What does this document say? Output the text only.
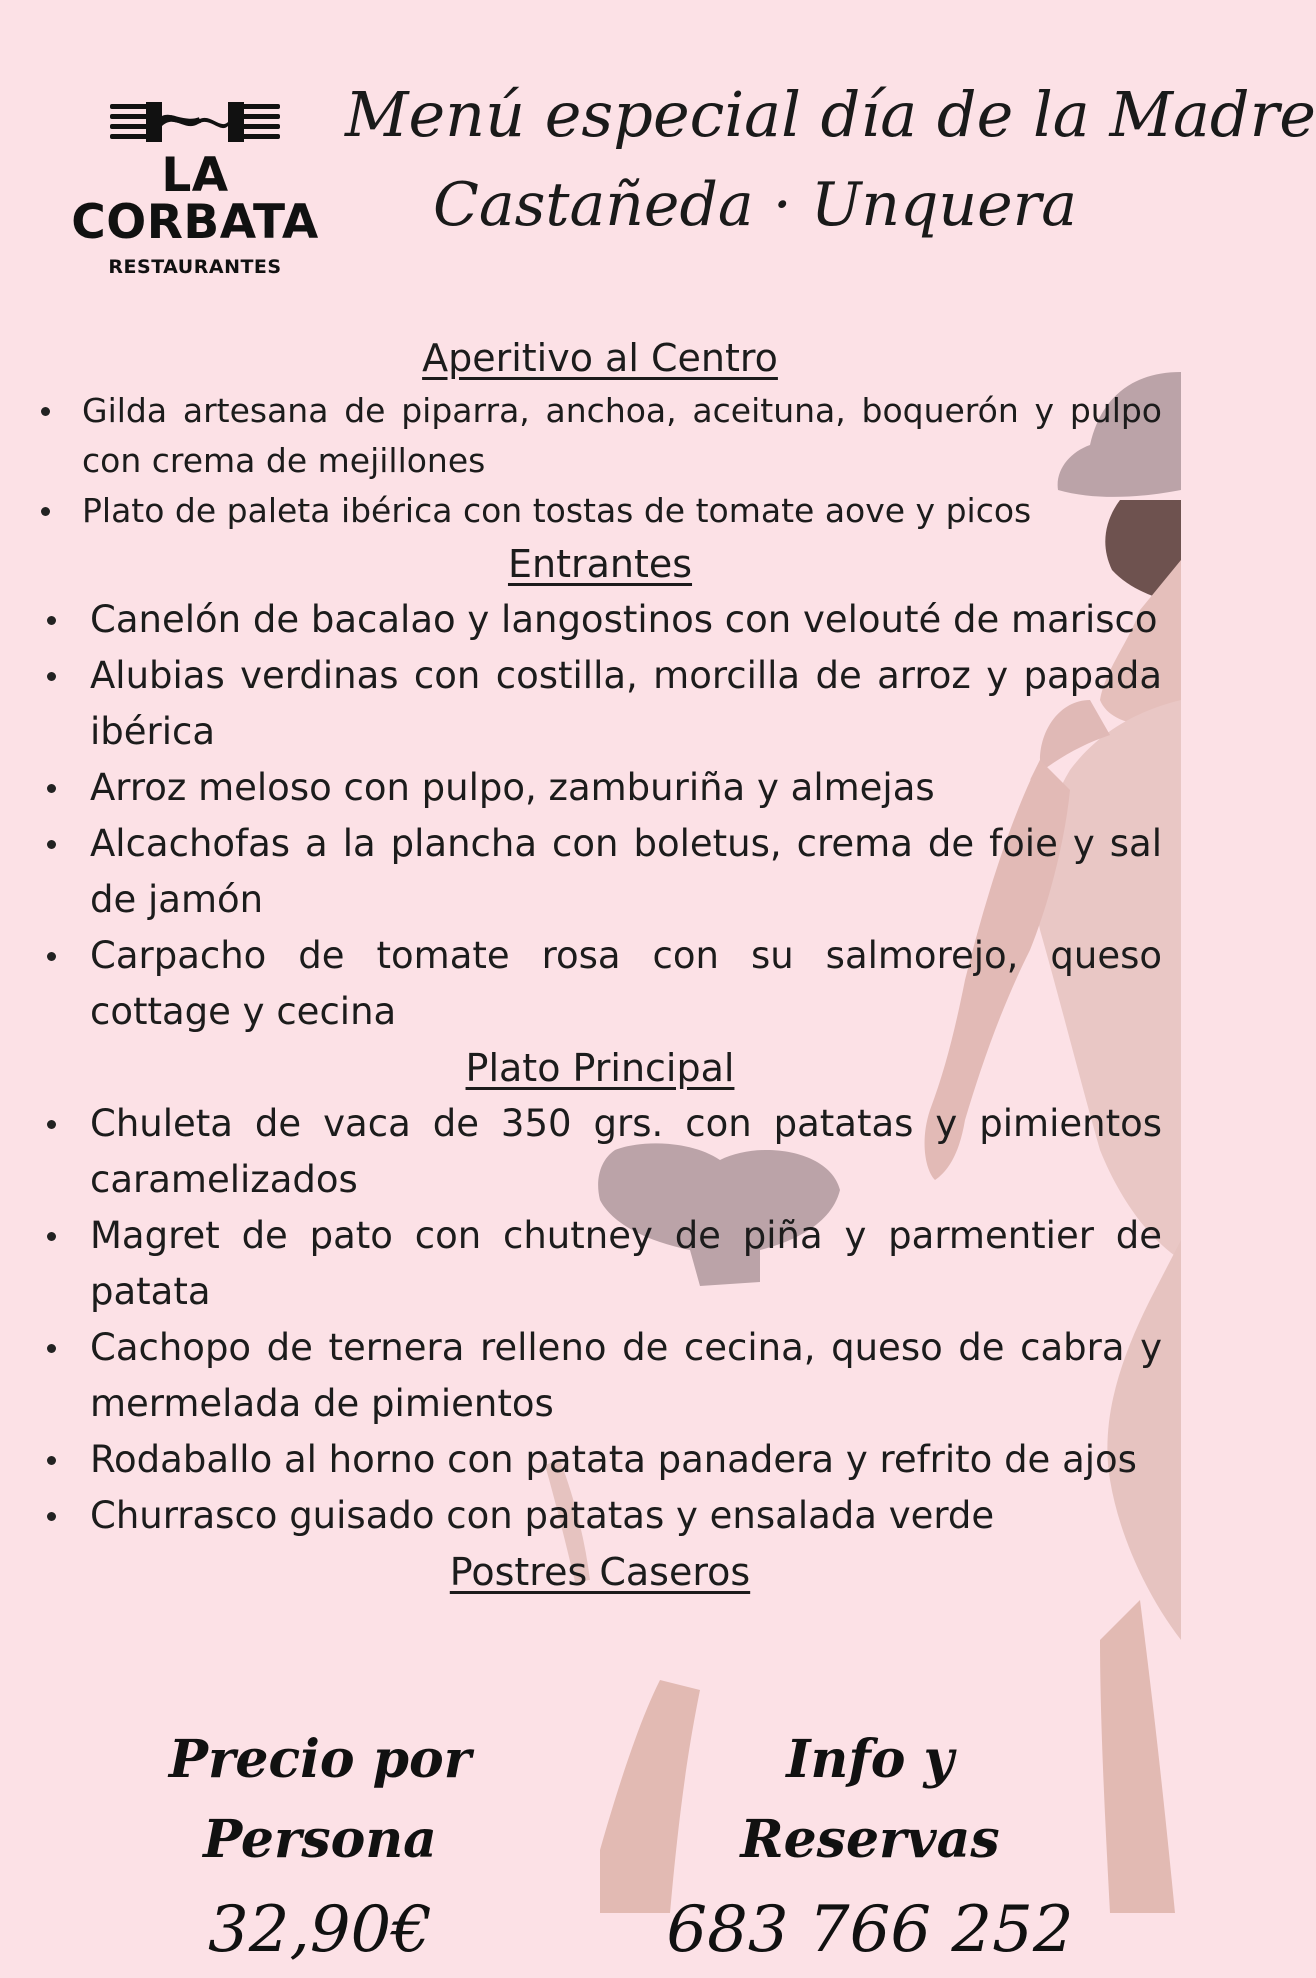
LA CORBATA
RESTAURANTES
Menú especial día de la Madre
Castañeda · Unquera
Aperitivo al Centro
Gilda artesana de piparra, anchoa, aceituna, boquerón y pulpo con crema de mejillones
Plato de paleta ibérica con tostas de tomate aove y picos
Entrantes
Canelón de bacalao y langostinos con velouté de marisco
Alubias verdinas con costilla, morcilla de arroz y papada ibérica
Arroz meloso con pulpo, zamburiña y almejas
Alcachofas a la plancha con boletus, crema de foie y sal de jamón
Carpacho de tomate rosa con su salmorejo, queso cottage y cecina
Plato Principal
Chuleta de vaca de 350 grs. con patatas y pimientos caramelizados
Magret de pato con chutney de piña y parmentier de patata
Cachopo de ternera relleno de cecina, queso de cabra y mermelada de pimientos
Rodaballo al horno con patata panadera y refrito de ajos
Churrasco guisado con patatas y ensalada verde
Postres Caseros
Precio por Persona
32,90€
Info y Reservas
683 766 252
